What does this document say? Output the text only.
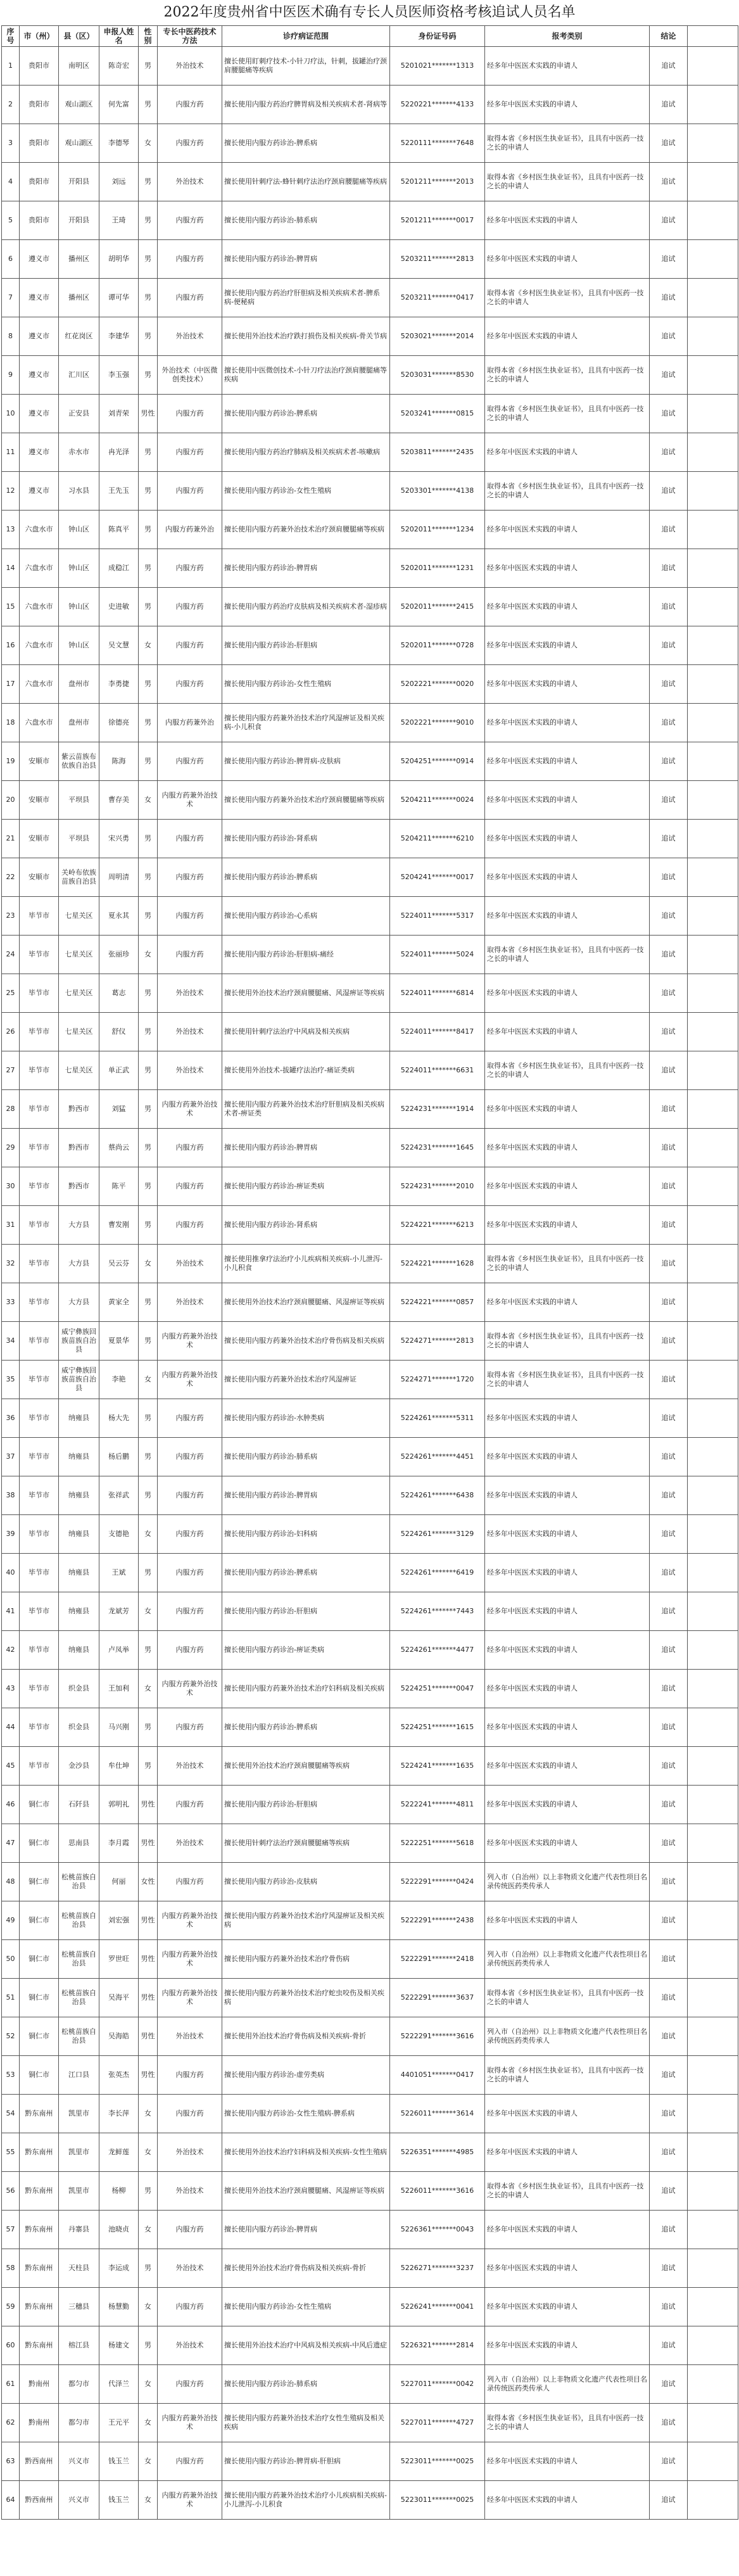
2022年度贵州省中医医术确有专长人员医师资格考核追试人员名单
序号	市（州）	县（区）	申报人姓名	性别	专长中医药技术方法	诊疗病证范围	身份证号码	报考类别	结论	
1	贵阳市	南明区	陈奇宏	男	外治技术	擅长使用盯刺疗技术-小针刀疗法，针刺，拔罐治疗颈肩腰腿痛等疾病	5201021*******1313	经多年中医医术实践的申请人	追试	
2	贵阳市	观山湖区	何先富	男	内服方药	擅长使用内服方药治疗脾胃病及相关疾病术者-肾病等	5220221*******4133	经多年中医医术实践的申请人	追试	
3	贵阳市	观山湖区	李德琴	女	内服方药	擅长使用内服方药诊治-脾系病	5220111*******7648	取得本省《乡村医生执业证书》，且具有中医药一技之长的申请人	追试	
4	贵阳市	开阳县	刘远	男	外治技术	擅长使用针刺疗法-蜂针刺疗法治疗颈肩腰腿痛等疾病	5201211*******2013	取得本省《乡村医生执业证书》，且具有中医药一技之长的申请人	追试	
5	贵阳市	开阳县	王琦	男	内服方药	擅长使用内服方药诊治-肺系病	5201211*******0017	经多年中医医术实践的申请人	追试	
6	遵义市	播州区	胡明华	男	内服方药	擅长使用内服方药诊治-脾胃病	5203211*******2813	经多年中医医术实践的申请人	追试	
7	遵义市	播州区	谭可华	男	内服方药	擅长使用内服方药治疗肝胆病及相关疾病术者-脾系病-便秘病	5203211*******0417	取得本省《乡村医生执业证书》，且具有中医药一技之长的申请人	追试	
8	遵义市	红花岗区	李建华	男	外治技术	擅长使用外治技术治疗跌打损伤及相关疾病-骨关节病	5203021*******2014	经多年中医医术实践的申请人	追试	
9	遵义市	汇川区	李玉强	男	外治技术（中医微创类技术）	擅长使用中医微创技术-小针刀疗法治疗颈肩腰腿痛等疾病	5203031*******8530	取得本省《乡村医生执业证书》，且具有中医药一技之长的申请人	追试	
10	遵义市	正安县	刘青荣	男性	内服方药	擅长使用内服方药诊治-脾系病	5203241*******0815	取得本省《乡村医生执业证书》，且具有中医药一技之长的申请人	追试	
11	遵义市	赤水市	冉光泽	男	内服方药	擅长使用内服方药治疗肺病及相关疾病术者-咳嗽病	5203811*******2435	经多年中医医术实践的申请人	追试	
12	遵义市	习水县	王先玉	男	内服方药	擅长使用内服方药诊治-女性生殖病	5203301*******4138	取得本省《乡村医生执业证书》，且具有中医药一技之长的申请人	追试	
13	六盘水市	钟山区	陈真平	男	内服方药兼外治	擅长使用内服方药兼外治技术治疗颈肩腰腿痛等疾病	5202011*******1234	经多年中医医术实践的申请人	追试	
14	六盘水市	钟山区	成稳江	男	内服方药	擅长使用内服方药诊治-脾胃病	5202011*******1231	经多年中医医术实践的申请人	追试	
15	六盘水市	钟山区	史进敏	男	内服方药	擅长使用内服方药治疗皮肤病及相关疾病术者-湿疹病	5202011*******2415	经多年中医医术实践的申请人	追试	
16	六盘水市	钟山区	吴文慧	女	内服方药	擅长使用内服方药诊治-肝胆病	5202011*******0728	经多年中医医术实践的申请人	追试	
17	六盘水市	盘州市	李勇捷	男	内服方药	擅长使用内服方药诊治-女性生殖病	5202221*******0020	经多年中医医术实践的申请人	追试	
18	六盘水市	盘州市	徐德亮	男	内服方药兼外治	擅长使用内服方药兼外治技术治疗风湿痹证及相关疾病-小儿积食	5202221*******9010	经多年中医医术实践的申请人	追试	
19	安顺市	紫云苗族布依族自治县	陈海	男	内服方药	擅长使用内服方药诊治-脾胃病-皮肤病	5204251*******0914	经多年中医医术实践的申请人	追试	
20	安顺市	平坝县	曹存美	女	内服方药兼外治技术	擅长使用内服方药兼外治技术治疗颈肩腰腿痛等疾病	5204211*******0024	经多年中医医术实践的申请人	追试	
21	安顺市	平坝县	宋兴勇	男	内服方药	擅长使用内服方药诊治-肾系病	5204211*******6210	经多年中医医术实践的申请人	追试	
22	安顺市	关岭布依族苗族自治县	周明清	男	内服方药	擅长使用内服方药诊治-脾系病	5204241*******0017	经多年中医医术实践的申请人	追试	
23	毕节市	七星关区	夏永其	男	内服方药	擅长使用内服方药诊治-心系病	5224011*******5317	经多年中医医术实践的申请人	追试	
24	毕节市	七星关区	张丽珍	女	内服方药	擅长使用内服方药诊治-肝胆病-痛经	5224011*******5024	取得本省《乡村医生执业证书》，且具有中医药一技之长的申请人	追试	
25	毕节市	七星关区	葛志	男	外治技术	擅长使用外治技术治疗颈肩腰腿痛、风湿痹证等疾病	5224011*******6814	经多年中医医术实践的申请人	追试	
26	毕节市	七星关区	舒仪	男	外治技术	擅长使用针刺疗法治疗中风病及相关疾病	5224011*******8417	经多年中医医术实践的申请人	追试	
27	毕节市	七星关区	单正武	男	外治技术	擅长使用外治技术-拔罐疗法治疗-痛证类病	5224011*******6631	取得本省《乡村医生执业证书》，且具有中医药一技之长的申请人	追试	
28	毕节市	黔西市	刘猛	男	内服方药兼外治技术	擅长使用内服方药兼外治技术治疗肝胆病及相关疾病术者-痹证类	5224231*******1914	经多年中医医术实践的申请人	追试	
29	毕节市	黔西市	蔡尚云	男	内服方药	擅长使用内服方药诊治-脾胃病	5224231*******1645	经多年中医医术实践的申请人	追试	
30	毕节市	黔西市	陈平	男	内服方药	擅长使用内服方药诊治-痹证类病	5224231*******2010	经多年中医医术实践的申请人	追试	
31	毕节市	大方县	曹发刚	男	内服方药	擅长使用内服方药诊治-肾系病	5224221*******6213	经多年中医医术实践的申请人	追试	
32	毕节市	大方县	吴云芬	女	外治技术	擅长使用推拿疗法治疗小儿疾病相关疾病-小儿泄泻-小儿积食	5224221*******1628	取得本省《乡村医生执业证书》，且具有中医药一技之长的申请人	追试	
33	毕节市	大方县	黄家全	男	外治技术	擅长使用外治技术治疗颈肩腰腿痛、风湿痹证等疾病	5224221*******0857	经多年中医医术实践的申请人	追试	
34	毕节市	威宁彝族回族苗族自治县	夏景华	男	内服方药兼外治技术	擅长使用内服方药兼外治技术治疗骨伤病及相关疾病	5224271*******2813	取得本省《乡村医生执业证书》，且具有中医药一技之长的申请人	追试	
35	毕节市	威宁彝族回族苗族自治县	李艳	女	内服方药兼外治技术	擅长使用内服方药兼外治技术治疗风湿痹证	5224271*******1720	取得本省《乡村医生执业证书》，且具有中医药一技之长的申请人	追试	
36	毕节市	纳雍县	杨大先	男	内服方药	擅长使用内服方药诊治-水肿类病	5224261*******5311	经多年中医医术实践的申请人	追试	
37	毕节市	纳雍县	杨后鹏	男	内服方药	擅长使用内服方药诊治-肺系病	5224261*******4451	经多年中医医术实践的申请人	追试	
38	毕节市	纳雍县	张祥武	男	内服方药	擅长使用内服方药诊治-脾胃病	5224261*******6438	经多年中医医术实践的申请人	追试	
39	毕节市	纳雍县	支德艳	女	内服方药	擅长使用内服方药诊治-妇科病	5224261*******3129	经多年中医医术实践的申请人	追试	
40	毕节市	纳雍县	王斌	男	内服方药	擅长使用内服方药诊治-脾系病	5224261*******6419	经多年中医医术实践的申请人	追试	
41	毕节市	纳雍县	龙斌芳	女	内服方药	擅长使用内服方药诊治-肝胆病	5224261*******7443	经多年中医医术实践的申请人	追试	
42	毕节市	纳雍县	卢凤举	男	内服方药	擅长使用内服方药诊治-痹证类病	5224261*******4477	经多年中医医术实践的申请人	追试	
43	毕节市	织金县	王加利	女	内服方药兼外治技术	擅长使用内服方药兼外治技术治疗妇科病及相关疾病	5224251*******0047	经多年中医医术实践的申请人	追试	
44	毕节市	织金县	马兴刚	男	内服方药	擅长使用内服方药诊治-脾系病	5224251*******1615	经多年中医医术实践的申请人	追试	
45	毕节市	金沙县	牟仕坤	男	外治技术	擅长使用外治技术治疗颈肩腰腿痛等疾病	5224241*******1635	经多年中医医术实践的申请人	追试	
46	铜仁市	石阡县	郭明礼	男性	内服方药	擅长使用内服方药诊治-肝胆病	5222241*******4811	经多年中医医术实践的申请人	追试	
47	铜仁市	思南县	李月霞	男性	外治技术	擅长使用针刺疗法治疗颈肩腰腿痛等疾病	5222251*******5618	经多年中医医术实践的申请人	追试	
48	铜仁市	松桃苗族自治县	何丽	女性	内服方药	擅长使用内服方药诊治-皮肤病	5222291*******0424	列入市（自治州）以上非物质文化遗产代表性项目名录传统医药类传承人	追试	
49	铜仁市	松桃苗族自治县	刘宏强	男性	内服方药兼外治技术	擅长使用内服方药兼外治技术治疗风湿痹证及相关疾病	5222291*******2438	经多年中医医术实践的申请人	追试	
50	铜仁市	松桃苗族自治县	罗世旺	男性	内服方药兼外治技术	擅长使用内服方药兼外治技术治疗骨伤病	5222291*******2418	列入市（自治州）以上非物质文化遗产代表性项目名录传统医药类传承人	追试	
51	铜仁市	松桃苗族自治县	吴海平	男性	内服方药兼外治技术	擅长使用内服方药兼外治技术治疗蛇虫咬伤及相关疾病	5222291*******3637	取得本省《乡村医生执业证书》，且具有中医药一技之长的申请人	追试	
52	铜仁市	松桃苗族自治县	吴海皓	男性	外治技术	擅长使用外治技术治疗骨伤病及相关疾病-骨折	5222291*******3616	列入市（自治州）以上非物质文化遗产代表性项目名录传统医药类传承人	追试	
53	铜仁市	江口县	张英杰	男性	内服方药	擅长使用内服方药诊治-虚劳类病	4401051*******0417	取得本省《乡村医生执业证书》，且具有中医药一技之长的申请人	追试	
54	黔东南州	凯里市	李长萍	女	内服方药	擅长使用内服方药诊治-女性生殖病-脾系病	5226011*******3614	经多年中医医术实践的申请人	追试	
55	黔东南州	凯里市	龙鲜莲	女	外治技术	擅长使用外治技术治疗妇科病及相关疾病-女性生殖病	5226351*******4985	经多年中医医术实践的申请人	追试	
56	黔东南州	凯里市	杨柳	男	外治技术	擅长使用外治技术治疗颈肩腰腿痛、风湿痹证等疾病	5226011*******3616	取得本省《乡村医生执业证书》，且具有中医药一技之长的申请人	追试	
57	黔东南州	丹寨县	池晓贞	女	内服方药	擅长使用内服方药诊治-脾胃病	5226361*******0043	经多年中医医术实践的申请人	追试	
58	黔东南州	天柱县	李运成	男	外治技术	擅长使用外治技术治疗骨伤病及相关疾病-骨折	5226271*******3237	经多年中医医术实践的申请人	追试	
59	黔东南州	三穗县	杨慧勤	女	内服方药	擅长使用内服方药诊治-女性生殖病	5226241*******0041	经多年中医医术实践的申请人	追试	
60	黔东南州	榕江县	杨建文	男	外治技术	擅长使用外治技术治疗中风病及相关疾病-中风后遗症	5226321*******2814	经多年中医医术实践的申请人	追试	
61	黔南州	都匀市	代泽兰	女	内服方药	擅长使用内服方药诊治-肺系病	5227011*******0042	列入市（自治州）以上非物质文化遗产代表性项目名录传统医药类传承人	追试	
62	黔南州	都匀市	王元平	女	内服方药兼外治技术	擅长使用内服方药兼外治技术治疗女性生殖病及相关疾病	5227011*******4727	取得本省《乡村医生执业证书》，且具有中医药一技之长的申请人	追试	
63	黔西南州	兴义市	钱玉兰	女	内服方药	擅长使用内服方药诊治-脾胃病-肝胆病	5223011*******0025	经多年中医医术实践的申请人	追试	
64	黔西南州	兴义市	钱玉兰	女	内服方药兼外治技术	擅长使用内服方药兼外治技术治疗小儿疾病相关疾病-小儿泄泻-小儿积食	5223011*******0025	经多年中医医术实践的申请人	追试	
